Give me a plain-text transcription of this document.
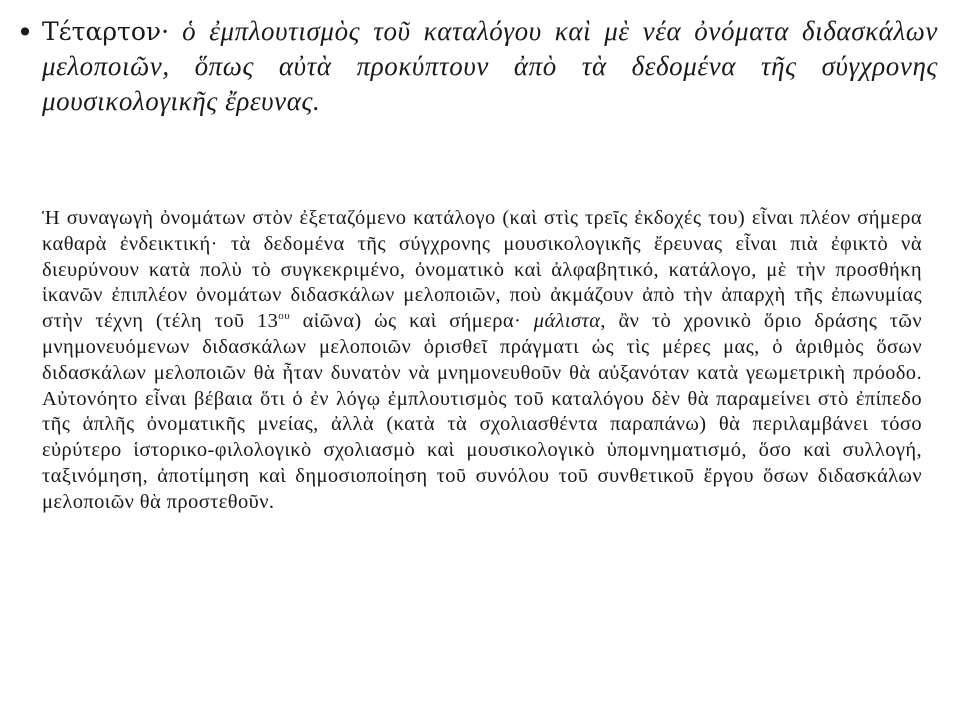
• Τέταρτον· ὁ ἐμπλουτισμὸς τοῦ καταλόγου καὶ μὲ νέα ὀνόματα διδασκάλων μελοποιῶν, ὅπως αὐτὰ προκύπτουν ἀπὸ τὰ δεδομένα τῆς σύγχρονης μουσικολογικῆς ἔρευνας.
Ἡ συναγωγὴ ὀνομάτων στὸν ἐξεταζόμενο κατάλογο (καὶ στὶς τρεῖς ἐκδοχές του) εἶναι πλέον σήμερα καθαρὰ ἐνδεικτική· τὰ δεδομένα τῆς σύγχρονης μουσικολογικῆς ἔρευνας εἶναι πιὰ ἐφικτὸ νὰ διευρύνουν κατὰ πολὺ τὸ συγκεκριμένο, ὀνοματικὸ καὶ ἀλφαβητικό, κατάλογο, μὲ τὴν προσθήκη ἱκανῶν ἐπιπλέον ὀνομάτων διδασκάλων μελοποιῶν, ποὺ ἀκμάζουν ἀπὸ τὴν ἀπαρχὴ τῆς ἐπωνυμίας στὴν τέχνη (τέλη τοῦ $13^{o\upsilon}$ αἰῶνα) ὡς καὶ σήμερα· μάλιστα, ἂν τὸ χρονικὸ ὅριο δράσης τῶν μνημονευόμενων διδασκάλων μελοποιῶν ὁρισθεῖ πράγματι ὡς τὶς μέρες μας, ὁ ἀριθμὸς ὅσων διδασκάλων μελοποιῶν θὰ ἦταν δυνατὸν νὰ μνημονευθοῦν θὰ αὐξανόταν κατὰ γεωμετρικὴ πρόοδο. Αὐτονόητο εἶναι βέβαια ὅτι ὁ ἐν λόγῳ ἐμπλουτισμὸς τοῦ καταλόγου δὲν θὰ παραμείνει στὸ ἐπίπεδο τῆς ἁπλῆς ὀνοματικῆς μνείας, ἀλλὰ (κατὰ τὰ σχολιασθέντα παραπάνω) θὰ περιλαμβάνει τόσο εὐρύτερο ἱστορικο-φιλολογικὸ σχολιασμὸ καὶ μουσικολογικὸ ὑπομνηματισμό, ὅσο καὶ συλλογή, ταξινόμηση, ἀποτίμηση καὶ δημοσιοποίηση τοῦ συνόλου τοῦ συνθετικοῦ ἔργου ὅσων διδασκάλων μελοποιῶν θὰ προστεθοῦν.
